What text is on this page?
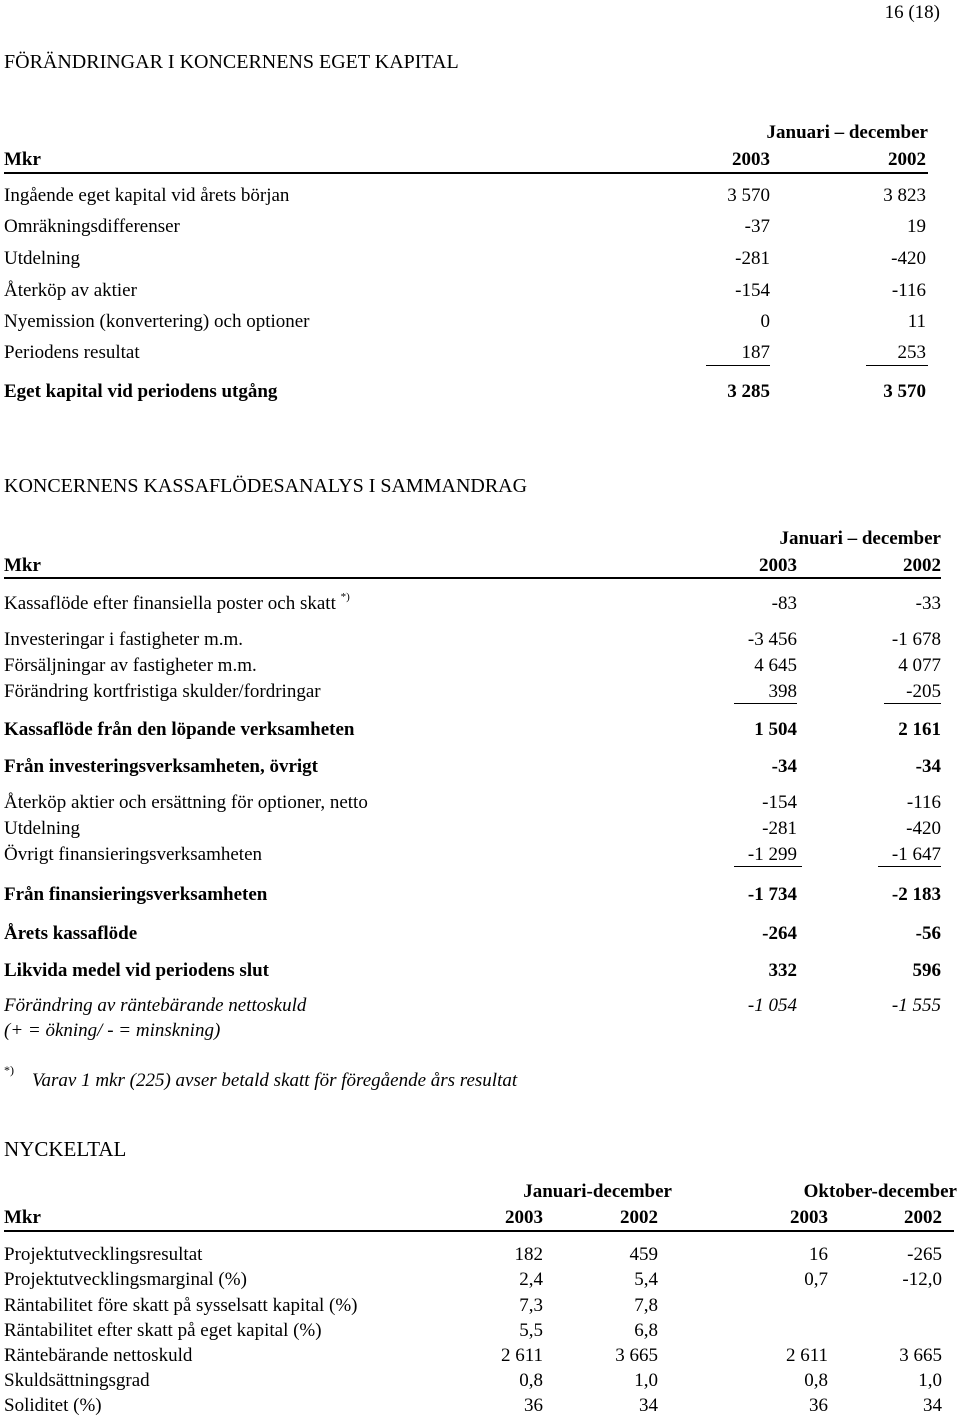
16 (18)
FÖRÄNDRINGAR I KONCERNENS EGET KAPITAL
Januari – december
Mkr	2003	2002
Ingående eget kapital vid årets början	3 570	3 823
Omräkningsdifferenser	-37	19
Utdelning	-281	-420
Återköp av aktier	-154	-116
Nyemission (konvertering) och optioner	0	11
Periodens resultat	187	253
Eget kapital vid periodens utgång	3 285	3 570
KONCERNENS KASSAFLÖDESANALYS I SAMMANDRAG
Januari – december
Mkr	2003	2002
Kassaflöde efter finansiella poster och skatt *)	-83	-33
Investeringar i fastigheter m.m.	-3 456	-1 678
Försäljningar av fastigheter m.m.	4 645	4 077
Förändring kortfristiga skulder/fordringar	398	-205
Kassaflöde från den löpande verksamheten	1 504	2 161
Från investeringsverksamheten, övrigt	-34	-34
Återköp aktier och ersättning för optioner, netto	-154	-116
Utdelning	-281	-420
Övrigt finansieringsverksamheten	-1 299	-1 647
Från finansieringsverksamheten	-1 734	-2 183
Årets kassaflöde	-264	-56
Likvida medel vid periodens slut	332	596
Förändring av räntebärande nettoskuld	-1 054	-1 555
(+ = ökning/ - = minskning)
*) Varav 1 mkr (225) avser betald skatt för föregående års resultat
NYCKELTAL
Januari-december	Oktober-december
Mkr	2003	2002	2003	2002
Projektutvecklingsresultat	182	459	16	-265
Projektutvecklingsmarginal (%)	2,4	5,4	0,7	-12,0
Räntabilitet före skatt på sysselsatt kapital (%)	7,3	7,8
Räntabilitet efter skatt på eget kapital (%)	5,5	6,8
Räntebärande nettoskuld	2 611	3 665	2 611	3 665
Skuldsättningsgrad	0,8	1,0	0,8	1,0
Soliditet (%)	36	34	36	34
